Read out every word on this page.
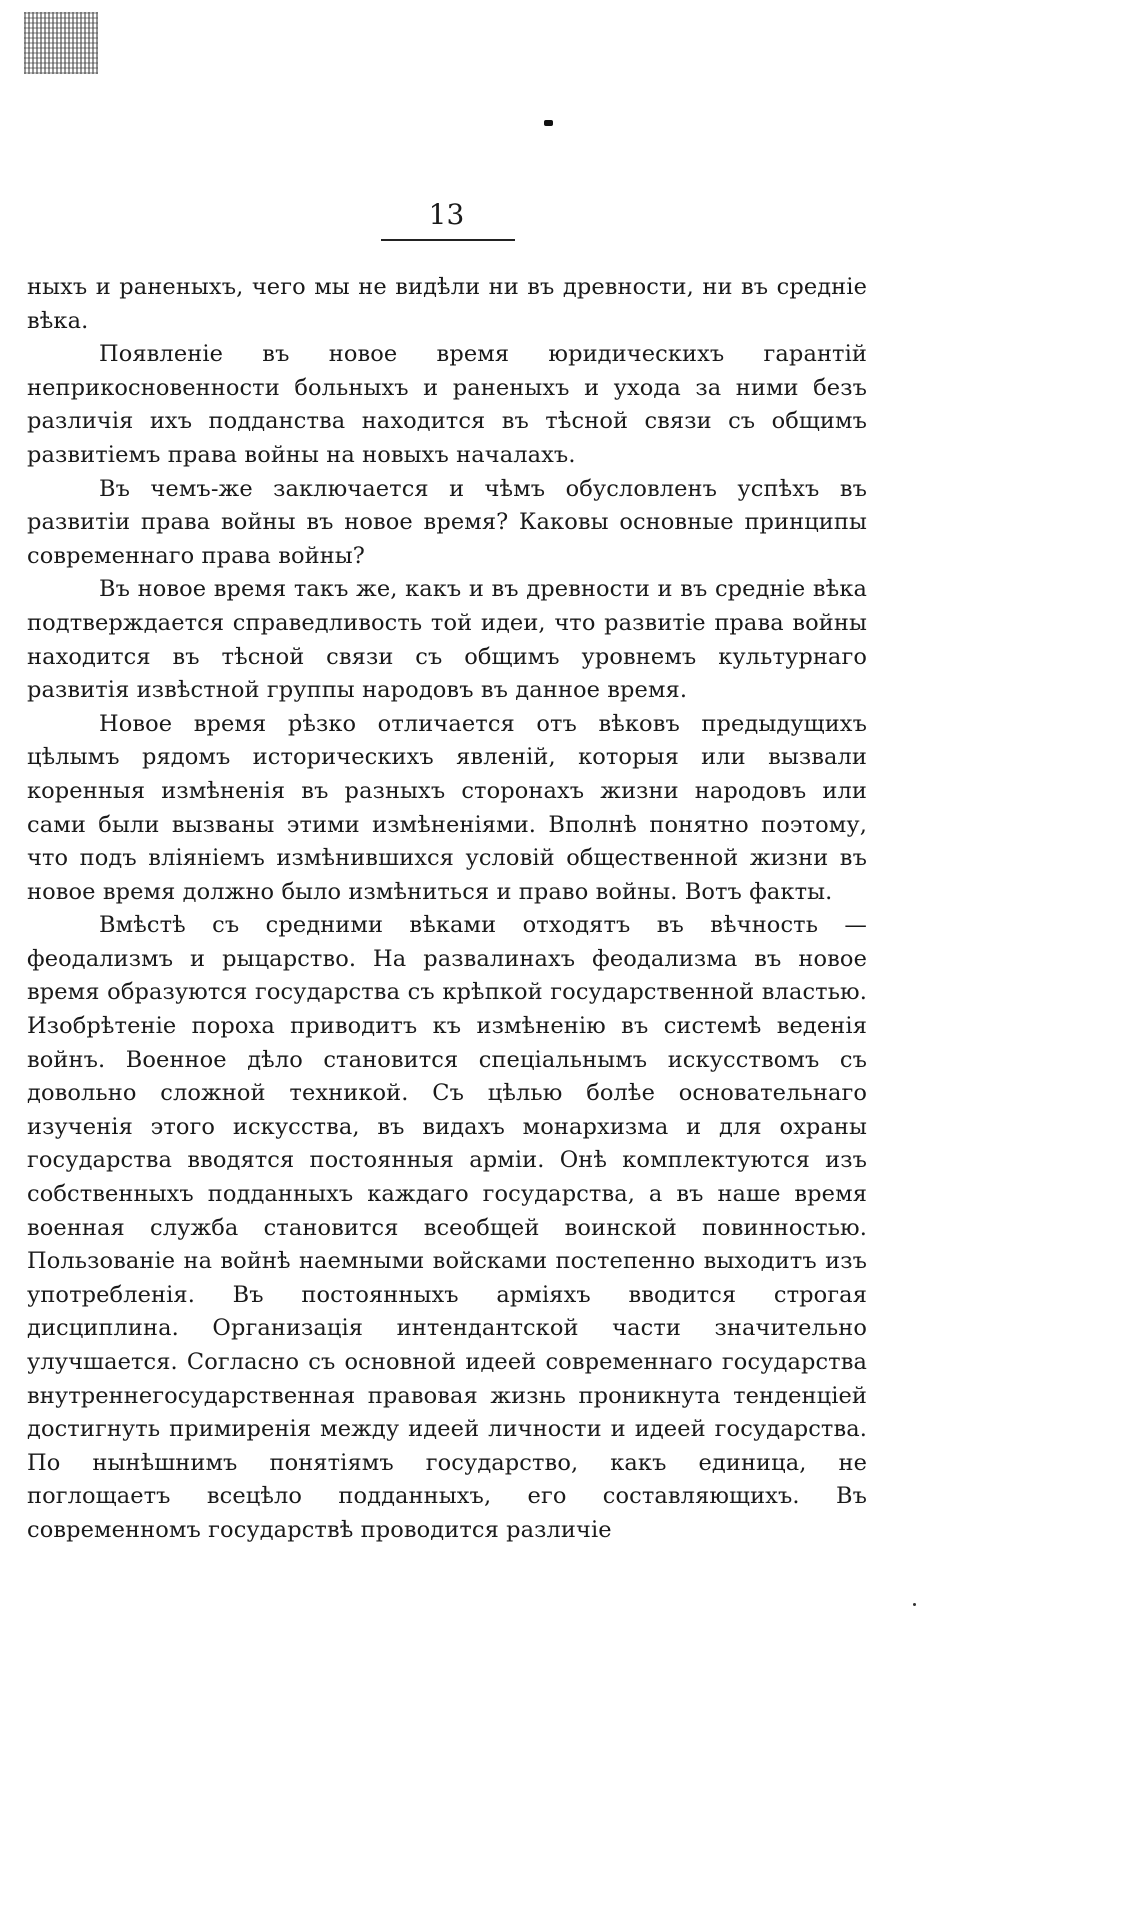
13

ныхъ и раненыхъ, чего мы не видѣли ни въ древности, ни въ средніе вѣка.

Появленіе въ новое время юридическихъ гарантій неприкосновенности больныхъ и раненыхъ и ухода за ними безъ различія ихъ подданства находится въ тѣсной связи съ общимъ развитіемъ права войны на новыхъ началахъ.

Въ чемъ-же заключается и чѣмъ обусловленъ успѣхъ въ развитіи права войны въ новое время? Каковы основные принципы современнаго права войны?

Въ новое время такъ же, какъ и въ древности и въ средніе вѣка подтверждается справедливость той идеи, что развитіе права войны находится въ тѣсной связи съ общимъ уровнемъ культурнаго развитія извѣстной группы народовъ въ данное время.

Новое время рѣзко отличается отъ вѣковъ предыдущихъ цѣлымъ рядомъ историческихъ явленій, которыя или вызвали коренныя измѣненія въ разныхъ сторонахъ жизни народовъ или сами были вызваны этими измѣненіями. Вполнѣ понятно поэтому, что подъ вліяніемъ измѣнившихся условій общественной жизни въ новое время должно было измѣниться и право войны. Вотъ факты.

Вмѣстѣ съ средними вѣками отходятъ въ вѣчность — феодализмъ и рыцарство. На развалинахъ феодализма въ новое время образуются государства съ крѣпкой государственной властью. Изобрѣтеніе пороха приводитъ къ измѣненію въ системѣ веденія войнъ. Военное дѣло становится спеціальнымъ искусствомъ съ довольно сложной техникой. Съ цѣлью болѣе основательнаго изученія этого искусства, въ видахъ монархизма и для охраны государства вводятся постоянныя арміи. Онѣ комплектуются изъ собственныхъ подданныхъ каждаго государства, а въ наше время военная служба становится всеобщей воинской повинностью. Пользованіе на войнѣ наемными войсками постепенно выходитъ изъ употребленія. Въ постоянныхъ арміяхъ вводится строгая дисциплина. Организація интендантской части значительно улучшается. Согласно съ основной идеей современнаго государства внутреннегосударственная правовая жизнь проникнута тенденціей достигнуть примиренія между идеей личности и идеей государства. По нынѣшнимъ понятіямъ государство, какъ единица, не поглощаетъ всецѣло подданныхъ, его составляющихъ. Въ современномъ государствѣ проводится различіе
